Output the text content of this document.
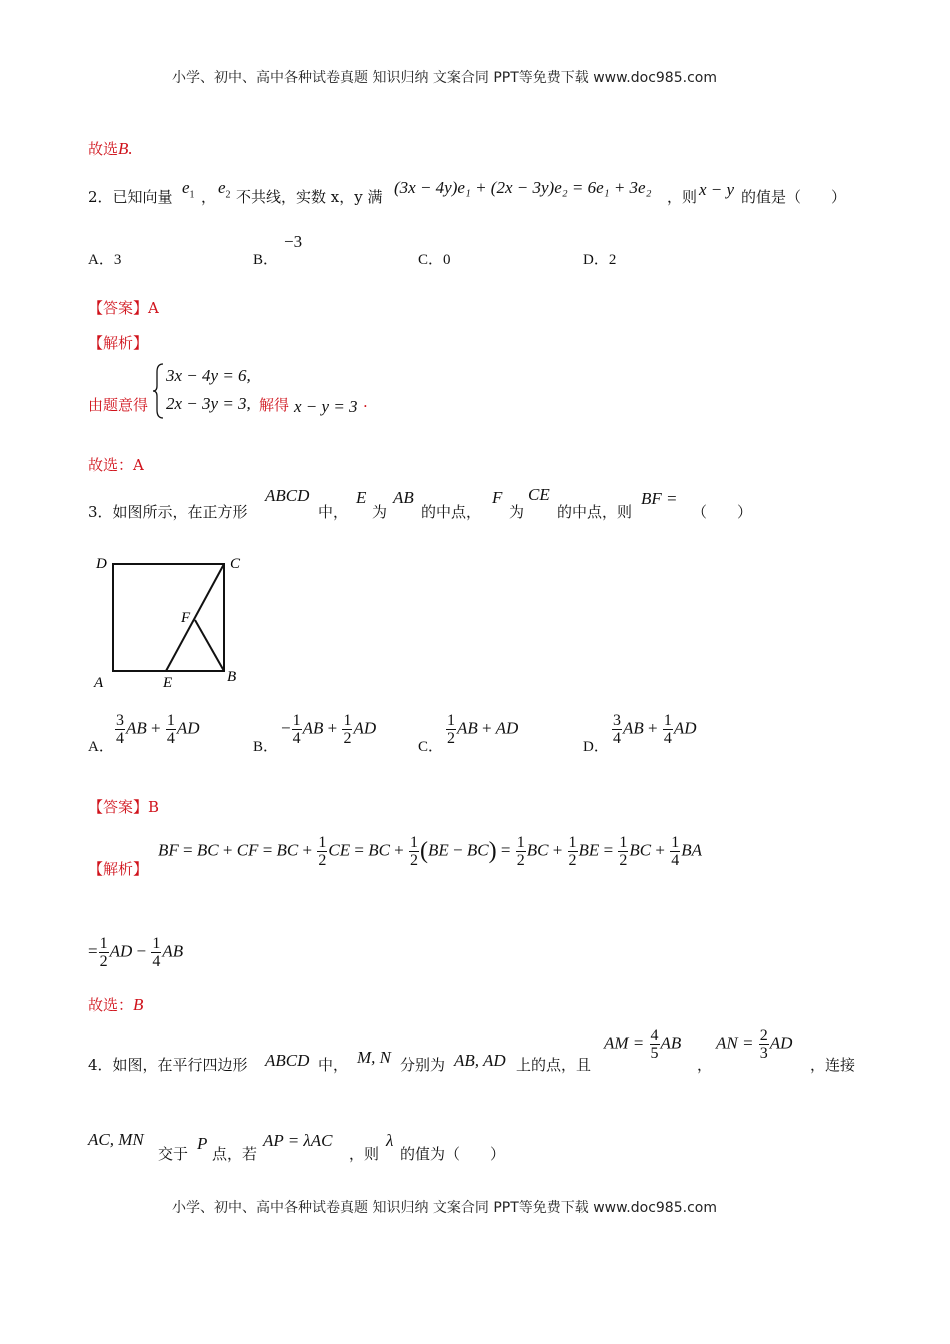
小学、初中、高中各种试卷真题 知识归纳 文案合同 PPT等免费下载 www.doc985.com
故选B.
2．已知向量 $e_1$ ， $e_2$ 不共线，实数 x，y 满 (3x − 4y)e₁ + (2x − 3y)e₂ = 6e₁ + 3e₂ ，则 x − y 的值是（　　）
A．3	B．
−3
C．0	D．2
【答案】A
【解析】
由题意得
3x − 4y = 6,
2x − 3y = 3, 解得 x − y = 3 ·
故选：A
3．如图所示，在正方形
ABCD
中，
E
为
AB
的中点，
F
为
CE
的中点，则
BF =
（　　）
D	C
F
A	E	B
A． $\frac{3}{4}$ AB + $\frac{1}{4}$ AD
B．
− $\frac{1}{4}$ AB + $\frac{1}{2}$ AD
C． $\frac{1}{2}$ AB + AD
D． $\frac{3}{4}$ AB + $\frac{1}{4}$ AD
【答案】B
【解析】
BF = BC + CF = BC + $\frac{1}{2}$ CE = BC + $\frac{1}{2} (BE - BC) = \frac{1}{2}$ BC + $\frac{1}{2}$ BE = $\frac{1}{2}$ BC + $\frac{1}{4}$ BA
= $\frac{1}{2}$ AD − $\frac{1}{4}$ AB
故选：B
4．如图，在平行四边形 ABCD 中， M, N 分别为 AB, AD 上的点，且
AM = $\frac{4}{5}$ AB
，
AN = $\frac{2}{3}$ AD
，连接
AC, MN
交于
P
点，若
AP = λAC
，则
λ
的值为（　　）
小学、初中、高中各种试卷真题 知识归纳 文案合同 PPT等免费下载 www.doc985.com
